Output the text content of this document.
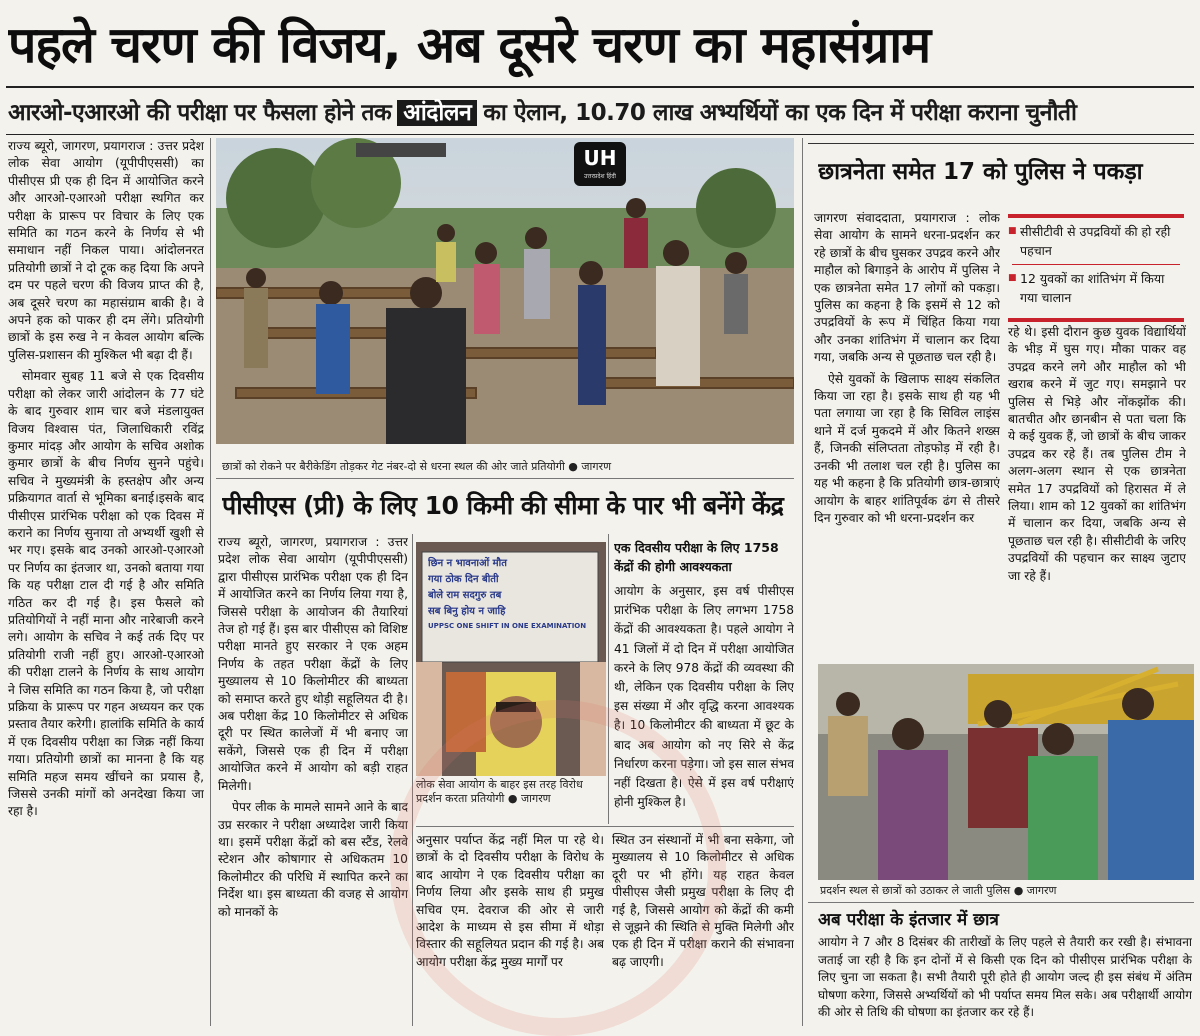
पहले चरण की विजय, अब दूसरे चरण का महासंग्राम
आरओ-एआरओ की परीक्षा पर फैसला होने तक आंदोलन का ऐलान, 10.70 लाख अभ्यर्थियों का एक दिन में परीक्षा कराना चुनौती

राज्य ब्यूरो, जागरण, प्रयागराज : उत्तर प्रदेश लोक सेवा आयोग (यूपीपीएससी) का पीसीएस प्री एक ही दिन में आयोजित करने और आरओ-एआरओ परीक्षा स्थगित कर परीक्षा के प्रारूप पर विचार के लिए एक समिति का गठन करने के निर्णय से भी समाधान नहीं निकल पाया। आंदोलनरत प्रतियोगी छात्रों ने दो टूक कह दिया कि अपने दम पर पहले चरण की विजय प्राप्त की है, अब दूसरे चरण का महासंग्राम बाकी है। वे अपने हक को पाकर ही दम लेंगे। प्रतियोगी छात्रों के इस रुख ने न केवल आयोग बल्कि पुलिस-प्रशासन की मुश्किल भी बढ़ा दी हैं।

सोमवार सुबह 11 बजे से एक दिवसीय परीक्षा को लेकर जारी आंदोलन के 77 घंटे के बाद गुरुवार शाम चार बजे मंडलायुक्त विजय विश्वास पंत, जिलाधिकारी रविंद्र कुमार मांदड़ और आयोग के सचिव अशोक कुमार छात्रों के बीच निर्णय सुनने पहुंचे। सचिव ने मुख्यमंत्री के हस्तक्षेप और अन्य प्रक्रियागत वार्ता से भूमिका बनाई।इसके बाद पीसीएस प्रारंभिक परीक्षा को एक दिवस में कराने का निर्णय सुनाया तो अभ्यर्थी खुशी से भर गए। इसके बाद उनको आरओ-एआरओ पर निर्णय का इंतजार था, उनको बताया गया कि यह परीक्षा टाल दी गई है और समिति गठित कर दी गई है। इस फैसले को प्रतियोगियों ने नहीं माना और नारेबाजी करने लगे। आयोग के सचिव ने कई तर्क दिए पर प्रतियोगी राजी नहीं हुए। आरओ-एआरओ की परीक्षा टालने के निर्णय के साथ आयोग ने जिस समिति का गठन किया है, जो परीक्षा प्रक्रिया के प्रारूप पर गहन अध्ययन कर एक प्रस्ताव तैयार करेगी। हालांकि समिति के कार्य में एक दिवसीय परीक्षा का जिक्र नहीं किया गया। प्रतियोगी छात्रों का मानना है कि यह समिति महज समय खींचने का प्रयास है, जिससे उनकी मांगों को अनदेखा किया जा रहा है।

UH
उत्तरप्रदेश हिंदी
छात्रों को रोकने पर बैरीकेडिंग तोड़कर गेट नंबर-दो से धरना स्थल की ओर जाते प्रतियोगी ● जागरण
पीसीएस (प्री) के लिए 10 किमी की सीमा के पार भी बनेंगे केंद्र

राज्य ब्यूरो, जागरण, प्रयागराज : उत्तर प्रदेश लोक सेवा आयोग (यूपीपीएससी) द्वारा पीसीएस प्रारंभिक परीक्षा एक ही दिन में आयोजित करने का निर्णय लिया गया है, जिससे परीक्षा के आयोजन की तैयारियां तेज हो गई हैं। इस बार पीसीएस को विशिष्ट परीक्षा मानते हुए सरकार ने एक अहम निर्णय के तहत परीक्षा केंद्रों के लिए मुख्यालय से 10 किलोमीटर की बाध्यता को समाप्त करते हुए थोड़ी सहूलियत दी है। अब परीक्षा केंद्र 10 किलोमीटर से अधिक दूरी पर स्थित कालेजों में भी बनाए जा सकेंगे, जिससे एक ही दिन में परीक्षा आयोजित करने में आयोग को बड़ी राहत मिलेगी।

पेपर लीक के मामले सामने आने के बाद उप्र सरकार ने परीक्षा अध्यादेश जारी किया था। इसमें परीक्षा केंद्रों को बस स्टैंड, रेलवे स्टेशन और कोषागार से अधिकतम 10 किलोमीटर की परिधि में स्थापित करने का निर्देश था। इस बाध्यता की वजह से आयोग को मानकों के

छिन न भावनाओं मौत
गया ठोक दिन बीती
बोले राम सदगुरु तब
सब बिनु होय न जाहि
UPPSC ONE SHIFT IN ONE EXAMINATION
लोक सेवा आयोग के बाहर इस तरह विरोध प्रदर्शन करता प्रतियोगी ● जागरण
एक दिवसीय परीक्षा के लिए 1758 केंद्रों की होगी आवश्यकता
आयोग के अनुसार, इस वर्ष पीसीएस प्रारंभिक परीक्षा के लिए लगभग 1758 केंद्रों की आवश्यकता है। पहले आयोग ने 41 जिलों में दो दिन में परीक्षा आयोजित करने के लिए 978 केंद्रों की व्यवस्था की थी, लेकिन एक दिवसीय परीक्षा के लिए इस संख्या में और वृद्धि करना आवश्यक है। 10 किलोमीटर की बाध्यता में छूट के बाद अब आयोग को नए सिरे से केंद्र निर्धारण करना पड़ेगा। जो इस साल संभव नहीं दिखता है। ऐसे में इस वर्ष परीक्षाएं होनी मुश्किल है।
अनुसार पर्याप्त केंद्र नहीं मिल पा रहे थे। छात्रों के दो दिवसीय परीक्षा के विरोध के बाद आयोग ने एक दिवसीय परीक्षा का निर्णय लिया और इसके साथ ही प्रमुख सचिव एम. देवराज की ओर से जारी आदेश के माध्यम से इस सीमा में थोड़ा विस्तार की सहूलियत प्रदान की गई है। अब आयोग परीक्षा केंद्र मुख्य मार्गों पर
स्थित उन संस्थानों में भी बना सकेगा, जो मुख्यालय से 10 किलोमीटर से अधिक दूरी पर भी होंगे। यह राहत केवल पीसीएस जैसी प्रमुख परीक्षा के लिए दी गई है, जिससे आयोग को केंद्रों की कमी से जूझने की स्थिति से मुक्ति मिलेगी और एक ही दिन में परीक्षा कराने की संभावना बढ़ जाएगी।
छात्रनेता समेत 17 को पुलिस ने पकड़ा

जागरण संवाददाता, प्रयागराज : लोक सेवा आयोग के सामने धरना-प्रदर्शन कर रहे छात्रों के बीच घुसकर उपद्रव करने और माहौल को बिगाड़ने के आरोप में पुलिस ने एक छात्रनेता समेत 17 लोगों को पकड़ा। पुलिस का कहना है कि इसमें से 12 को उपद्रवियों के रूप में चिंहित किया गया और उनका शांतिभंग में चालान कर दिया गया, जबकि अन्य से पूछताछ चल रही है।

ऐसे युवकों के खिलाफ साक्ष्य संकलित किया जा रहा है। इसके साथ ही यह भी पता लगाया जा रहा है कि सिविल लाइंस थाने में दर्ज मुकदमे में और कितने शख्स हैं, जिनकी संलिप्तता तोड़फोड़ में रही है। उनकी भी तलाश चल रही है। पुलिस का यह भी कहना है कि प्रतियोगी छात्र-छात्राएं आयोग के बाहर शांतिपूर्वक ढंग से तीसरे दिन गुरुवार को भी धरना-प्रदर्शन कर

■ सीसीटीवी से उपद्रवियों की हो रही पहचान
■ 12 युवकों का शांतिभंग में किया गया चालान
रहे थे। इसी दौरान कुछ युवक विद्यार्थियों के भीड़ में घुस गए। मौका पाकर वह उपद्रव करने लगे और माहौल को भी खराब करने में जुट गए। समझाने पर पुलिस से भिड़े और नोंकझोंक की। बातचीत और छानबीन से पता चला कि ये कई युवक हैं, जो छात्रों के बीच जाकर उपद्रव कर रहे हैं। तब पुलिस टीम ने अलग-अलग स्थान से एक छात्रनेता समेत 17 उपद्रवियों को हिरासत में ले लिया। शाम को 12 युवकों का शांतिभंग में चालान कर दिया, जबकि अन्य से पूछताछ चल रही है। सीसीटीवी के जरिए उपद्रवियों की पहचान कर साक्ष्य जुटाए जा रहे हैं।
प्रदर्शन स्थल से छात्रों को उठाकर ले जाती पुलिस ● जागरण
अब परीक्षा के इंतजार में छात्र
आयोग ने 7 और 8 दिसंबर की तारीखों के लिए पहले से तैयारी कर रखी है। संभावना जताई जा रही है कि इन दोनों में से किसी एक दिन को पीसीएस प्रारंभिक परीक्षा के लिए चुना जा सकता है। सभी तैयारी पूरी होते ही आयोग जल्द ही इस संबंध में अंतिम घोषणा करेगा, जिससे अभ्यर्थियों को भी पर्याप्त समय मिल सके। अब परीक्षार्थी आयोग की ओर से तिथि की घोषणा का इंतजार कर रहे हैं।
